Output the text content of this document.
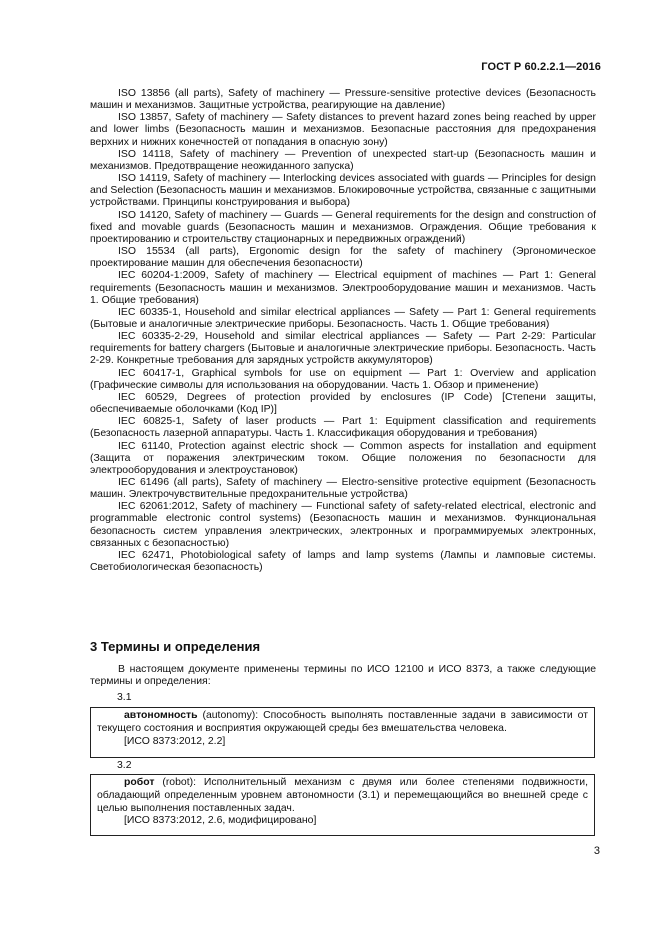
ГОСТ Р 60.2.2.1—2016

ISO 13856 (all parts), Safety of machinery — Pressure-sensitive protective devices (Безопасность машин и механизмов. Защитные устройства, реагирующие на давление)

ISO 13857, Safety of machinery — Safety distances to prevent hazard zones being reached by upper and lower limbs (Безопасность машин и механизмов. Безопасные расстояния для предохранения верхних и нижних конечностей от попадания в опасную зону)

ISO 14118, Safety of machinery — Prevention of unexpected start-up (Безопасность машин и механизмов. Предотвращение неожиданного запуска)

ISO 14119, Safety of machinery — Interlocking devices associated with guards — Principles for design and Selection (Безопасность машин и механизмов. Блокировочные устройства, связанные с защитными устройствами. Принципы конструирования и выбора)

ISO 14120, Safety of machinery — Guards — General requirements for the design and construction of fixed and movable guards (Безопасность машин и механизмов. Ограждения. Общие требования к проектированию и строительству стационарных и передвижных ограждений)

ISO 15534 (all parts), Ergonomic design for the safety of machinery (Эргономическое проектирование машин для обеспечения безопасности)

IEC 60204-1:2009, Safety of machinery — Electrical equipment of machines — Part 1: General requirements (Безопасность машин и механизмов. Электрооборудование машин и механизмов. Часть 1. Общие требования)

IEC 60335-1, Household and similar electrical appliances — Safety — Part 1: General requirements (Бытовые и аналогичные электрические приборы. Безопасность. Часть 1. Общие требования)

IEC 60335-2-29, Household and similar electrical appliances — Safety — Part 2-29: Particular requirements for battery chargers (Бытовые и аналогичные электрические приборы. Безопасность. Часть 2-29. Конкретные требования для зарядных устройств аккумуляторов)

IEC 60417-1, Graphical symbols for use on equipment — Part 1: Overview and application (Графические символы для использования на оборудовании. Часть 1. Обзор и применение)

IEC 60529, Degrees of protection provided by enclosures (IP Code) [Степени защиты, обеспечиваемые оболочками (Код IP)]

IEC 60825-1, Safety of laser products — Part 1: Equipment classification and requirements (Безопасность лазерной аппаратуры. Часть 1. Классификация оборудования и требования)

IEC 61140, Protection against electric shock — Common aspects for installation and equipment (Защита от поражения электрическим током. Общие положения по безопасности для электрооборудования и электроустановок)

IEC 61496 (all parts), Safety of machinery — Electro-sensitive protective equipment (Безопасность машин. Электрочувствительные предохранительные устройства)

IEC 62061:2012, Safety of machinery — Functional safety of safety-related electrical, electronic and programmable electronic control systems) (Безопасность машин и механизмов. Функциональная безопасность систем управления электрических, электронных и программируемых электронных, связанных с безопасностью)

IEC 62471, Photobiological safety of lamps and lamp systems (Лампы и ламповые системы. Светобиологическая безопасность)

3 Термины и определения

В настоящем документе применены термины по ИСО 12100 и ИСО 8373, а также следующие термины и определения:

3.1

автономность (autonomy): Способность выполнять поставленные задачи в зависимости от текущего состояния и восприятия окружающей среды без вмешательства человека.

[ИСО 8373:2012, 2.2]

3.2

робот (robot): Исполнительный механизм с двумя или более степенями подвижности, обладающий определенным уровнем автономности (3.1) и перемещающийся во внешней среде с целью выполнения поставленных задач.

[ИСО 8373:2012, 2.6, модифицировано]

3
